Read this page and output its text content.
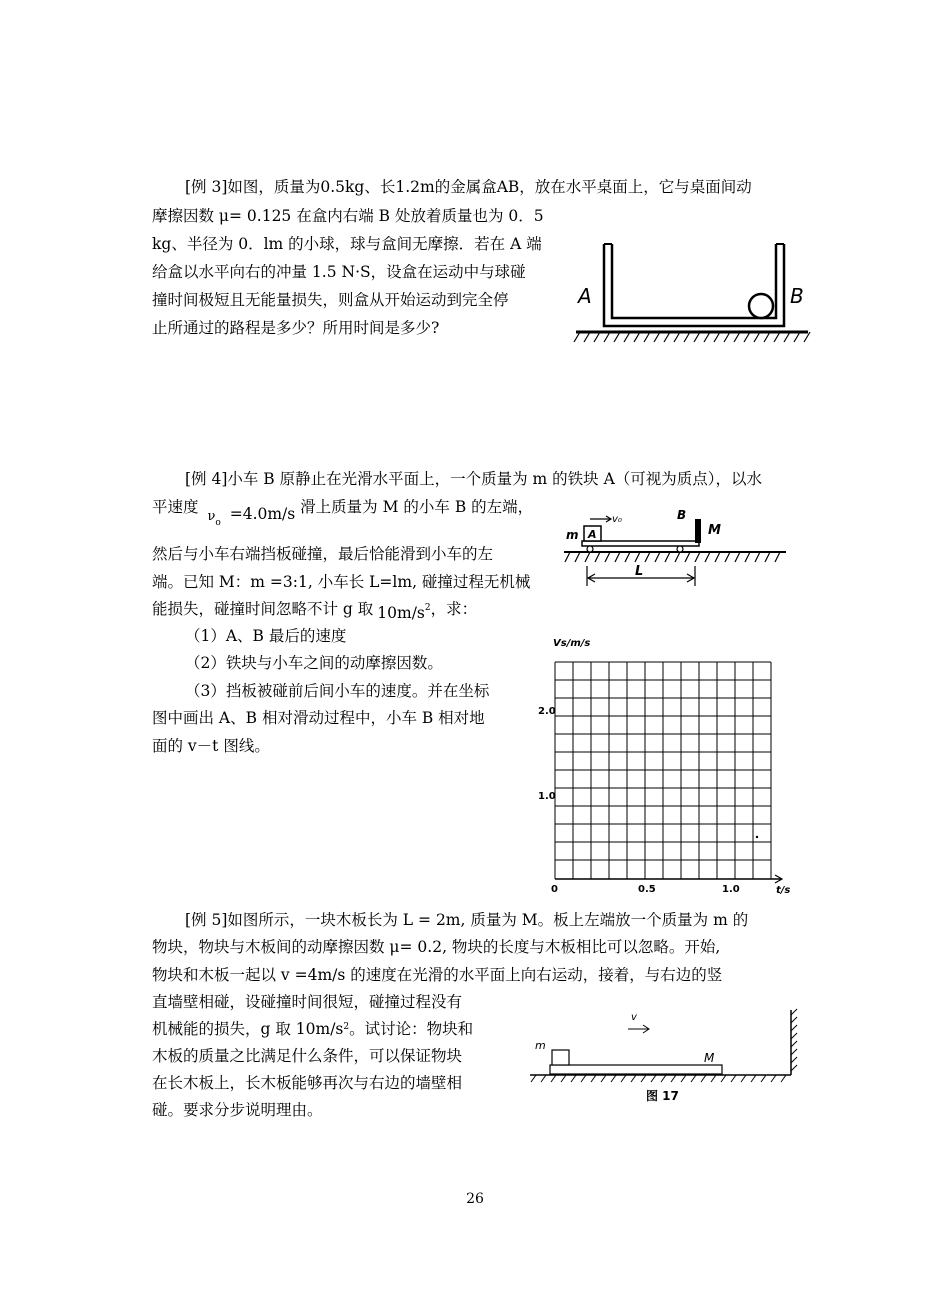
[例 3]如图，质量为0.5kg、长1.2m的金属盒AB，放在水平桌面上，它与桌面间动
摩擦因数 μ= 0.125 在盒内右端 B 处放着质量也为 0．5
kg、半径为 0．lm 的小球，球与盒间无摩擦．若在 A 端
给盒以水平向右的冲量 1.5 N·S，设盒在运动中与球碰
撞时间极短且无能量损失，则盒从开始运动到完全停
止所通过的路程是多少？所用时间是多少?
A	B
[例 4]小车 B 原静止在光滑水平面上，一个质量为 m 的铁块 A（可视为质点），以水
平速度 $_{\nu o}$ =4.0m/s 滑上质量为 M 的小车 B 的左端，
然后与小车右端挡板碰撞，最后恰能滑到小车的左
端。已知 M：m =3:1, 小车长 L=lm, 碰撞过程无机械
能损失，碰撞时间忽略不计 g 取 $10m/s^2$，求：
（1）A、B 最后的速度
（2）铁块与小车之间的动摩擦因数。
（3）挡板被碰前后间小车的速度。并在坐标
图中画出 A、B 相对滑动过程中，小车 B 相对地
面的 v－t 图线。
A
m
v₀	B
M
L
Vs/m/s
2.0
1.0
0	0.5	1.0	t/s
[例 5]如图所示，一块木板长为 L = 2m, 质量为 M。板上左端放一个质量为 m 的
物块，物块与木板间的动摩擦因数 μ= 0.2, 物块的长度与木板相比可以忽略。开始,
物块和木板一起以 v =4m/s 的速度在光滑的水平面上向右运动，接着，与右边的竖
直墙壁相碰，设碰撞时间很短，碰撞过程没有
机械能的损失，g 取 $10m/s^2$。试讨论：物块和
木板的质量之比满足什么条件，可以保证物块
在长木板上，长木板能够再次与右边的墙壁相
碰。要求分步说明理由。
m
M
v
图 17
26
